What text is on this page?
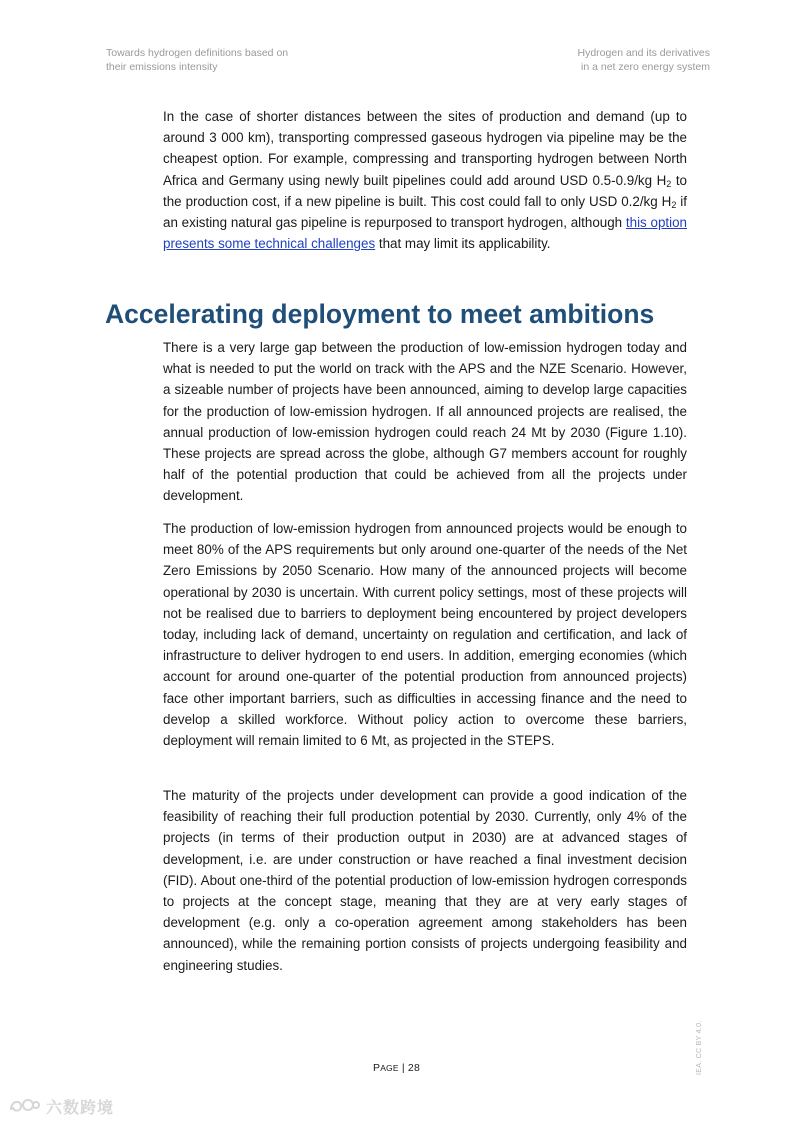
Towards hydrogen definitions based on
their emissions intensity
Hydrogen and its derivatives
in a net zero energy system

In the case of shorter distances between the sites of production and demand (up to around 3 000 km), transporting compressed gaseous hydrogen via pipeline may be the cheapest option. For example, compressing and transporting hydrogen between North Africa and Germany using newly built pipelines could add around USD 0.5-0.9/kg $H_2$ to the production cost, if a new pipeline is built. This cost could fall to only USD 0.2/kg $H_2$ if an existing natural gas pipeline is repurposed to transport hydrogen, although this option presents some technical challenges that may limit its applicability.

Accelerating deployment to meet ambitions

There is a very large gap between the production of low-emission hydrogen today and what is needed to put the world on track with the APS and the NZE Scenario. However, a sizeable number of projects have been announced, aiming to develop large capacities for the production of low-emission hydrogen. If all announced projects are realised, the annual production of low-emission hydrogen could reach 24 Mt by 2030 (Figure 1.10). These projects are spread across the globe, although G7 members account for roughly half of the potential production that could be achieved from all the projects under development.

The production of low-emission hydrogen from announced projects would be enough to meet 80% of the APS requirements but only around one-quarter of the needs of the Net Zero Emissions by 2050 Scenario. How many of the announced projects will become operational by 2030 is uncertain. With current policy settings, most of these projects will not be realised due to barriers to deployment being encountered by project developers today, including lack of demand, uncertainty on regulation and certification, and lack of infrastructure to deliver hydrogen to end users. In addition, emerging economies (which account for around one-quarter of the potential production from announced projects) face other important barriers, such as difficulties in accessing finance and the need to develop a skilled workforce. Without policy action to overcome these barriers, deployment will remain limited to 6 Mt, as projected in the STEPS.

The maturity of the projects under development can provide a good indication of the feasibility of reaching their full production potential by 2030. Currently, only 4% of the projects (in terms of their production output in 2030) are at advanced stages of development, i.e. are under construction or have reached a final investment decision (FID). About one-third of the potential production of low-emission hydrogen corresponds to projects at the concept stage, meaning that they are at very early stages of development (e.g. only a co-operation agreement among stakeholders has been announced), while the remaining portion consists of projects undergoing feasibility and engineering studies.

PAGE | 28	IEA. CC BY 4.0.
六数跨境
